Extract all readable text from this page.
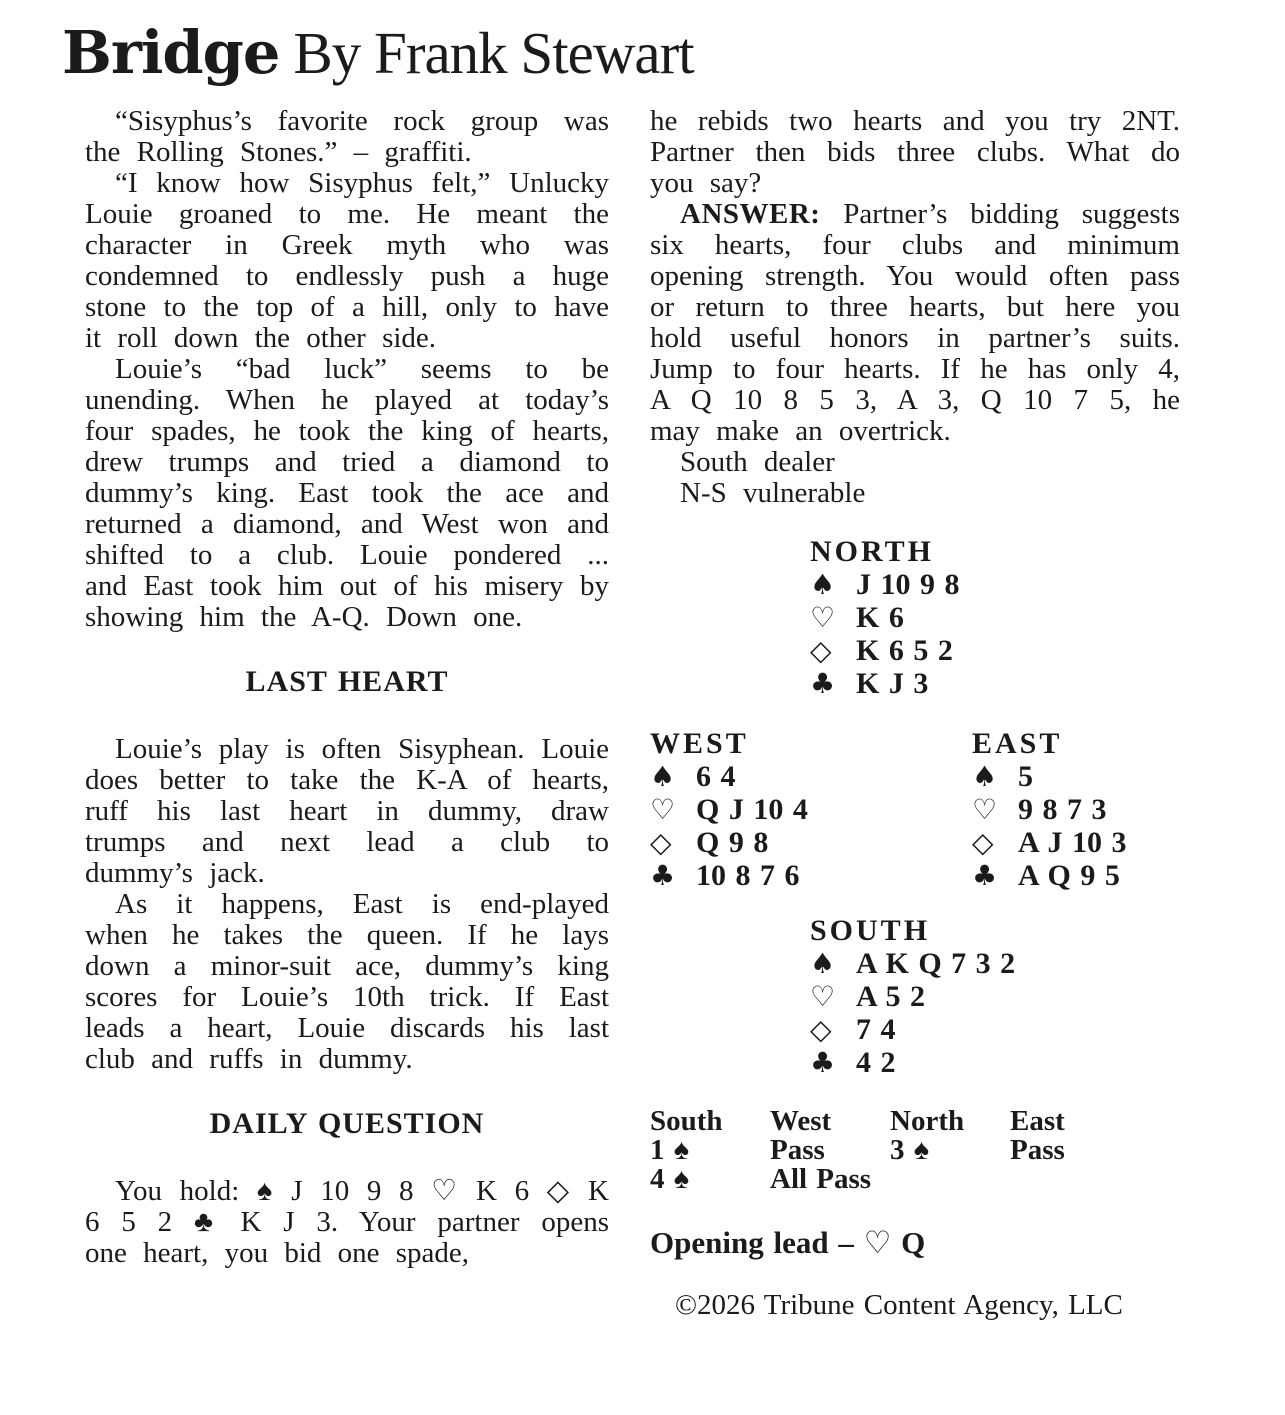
Bridge By Frank Stewart

“Sisyphus’s favorite rock group was the Rolling Stones.” – graffiti.

“I know how Sisyphus felt,” Unlucky Louie groaned to me. He meant the character in Greek myth who was condemned to endlessly push a huge stone to the top of a hill, only to have it roll down the other side.

Louie’s “bad luck” seems to be unending. When he played at today’s four spades, he took the king of hearts, drew trumps and tried a diamond to dummy’s king. East took the ace and returned a diamond, and West won and shifted to a club. Louie pondered ... and East took him out of his misery by showing him the A-Q. Down one.

LAST HEART

Louie’s play is often Sisyphean. Louie does better to take the K-A of hearts, ruff his last heart in dummy, draw trumps and next lead a club to dummy’s jack.

As it happens, East is end-played when he takes the queen. If he lays down a minor-suit ace, dummy’s king scores for Louie’s 10th trick. If East leads a heart, Louie discards his last club and ruffs in dummy.

DAILY QUESTION

You hold: ♠ J 10 9 8 ♡ K 6 ◇ K 6 5 2 ♣ K J 3. Your partner opens one heart, you bid one spade,

he rebids two hearts and you try 2NT. Partner then bids three clubs. What do you say?

ANSWER: Partner’s bidding suggests six hearts, four clubs and minimum opening strength. You would often pass or return to three hearts, but here you hold useful honors in partner’s suits. Jump to four hearts. If he has only 4, A Q 10 8 5 3, A 3, Q 10 7 5, he may make an overtrick.

South dealer
N-S vulnerable
NORTH
♠ J 10 9 8
♡ K 6
◇ K 6 5 2
♣ K J 3
WEST
♠ 6 4
♡ Q J 10 4
◇ Q 9 8
♣ 10 8 7 6
EAST
♠ 5
♡ 9 8 7 3
◇ A J 10 3
♣ A Q 9 5
SOUTH
♠ A K Q 7 3 2
♡ A 5 2
◇ 7 4
♣ 4 2
South	West	North	East
1 ♠	Pass	3 ♠	Pass
4 ♠	All Pass
Opening lead – ♡ Q
©2026 Tribune Content Agency, LLC
